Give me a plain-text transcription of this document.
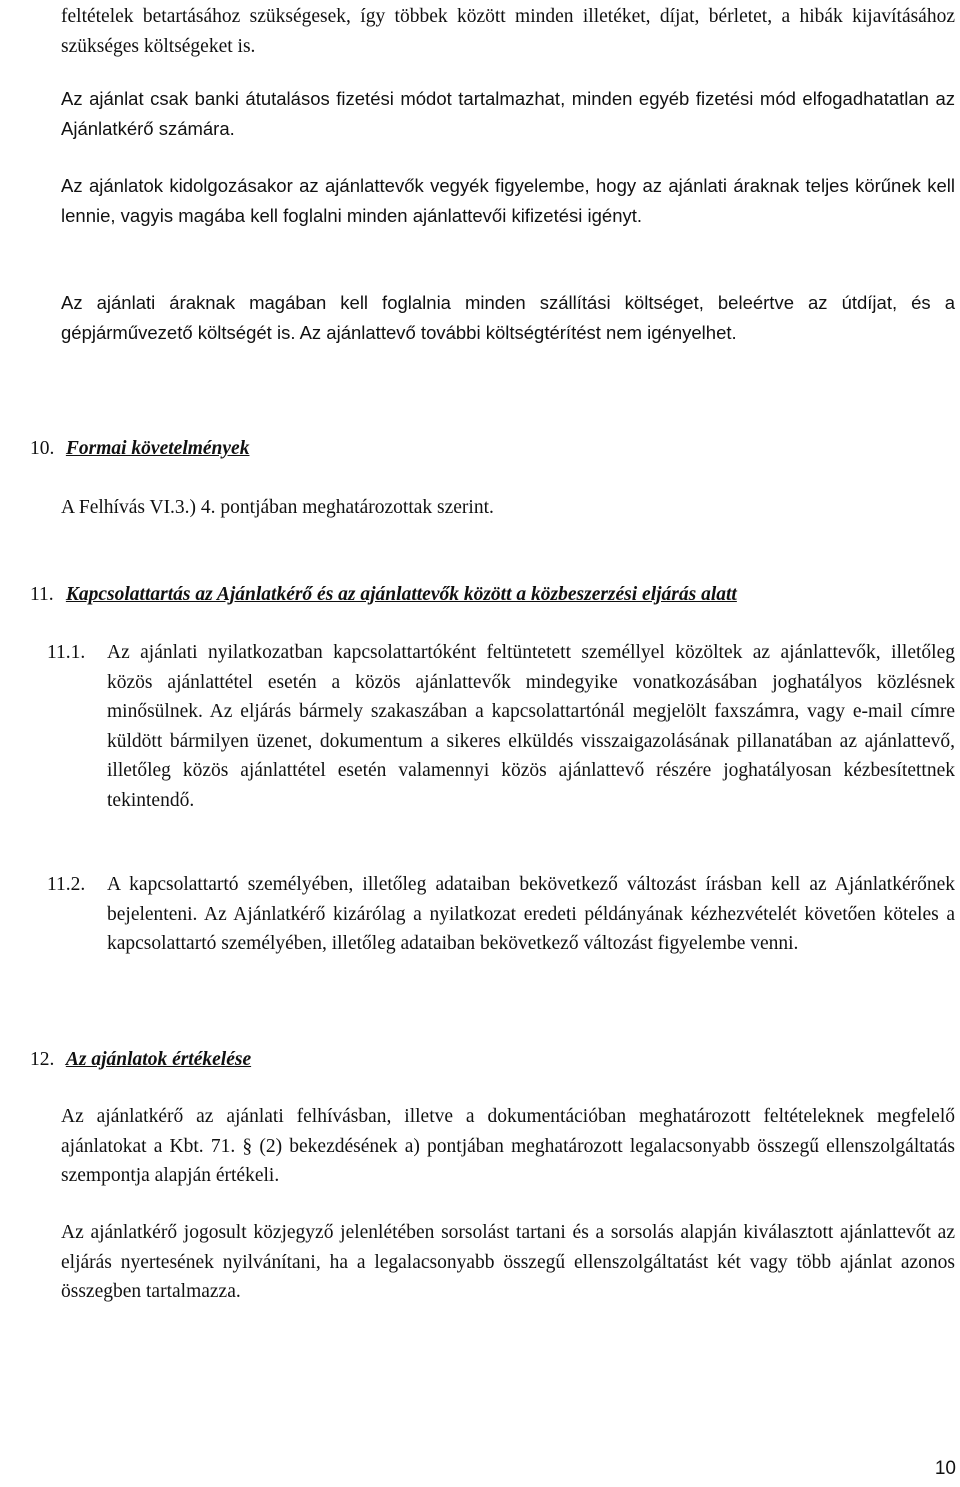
feltételek betartásához szükségesek, így többek között minden illetéket, díjat, bérletet, a hibák kijavításához szükséges költségeket is.

Az ajánlat csak banki átutalásos fizetési módot tartalmazhat, minden egyéb fizetési mód elfogadhatatlan az Ajánlatkérő számára.

Az ajánlatok kidolgozásakor az ajánlattevők vegyék figyelembe, hogy az ajánlati áraknak teljes körűnek kell lennie, vagyis magába kell foglalni minden ajánlattevői kifizetési igényt.

Az ajánlati áraknak magában kell foglalnia minden szállítási költséget, beleértve az útdíjat, és a gépjárművezető költségét is. Az ajánlattevő további költségtérítést nem igényelhet.

10. Formai követelmények

A Felhívás VI.3.) 4. pontjában meghatározottak szerint.

11. Kapcsolattartás az Ajánlatkérő és az ajánlattevők között a közbeszerzési eljárás alatt
11.1. Az ajánlati nyilatkozatban kapcsolattartóként feltüntetett személlyel közöltek az ajánlattevők, illetőleg közös ajánlattétel esetén a közös ajánlattevők mindegyike vonatkozásában joghatályos közlésnek minősülnek. Az eljárás bármely szakaszában a kapcsolattartónál megjelölt faxszámra, vagy e-mail címre küldött bármilyen üzenet, dokumentum a sikeres elküldés visszaigazolásának pillanatában az ajánlattevő, illetőleg közös ajánlattétel esetén valamennyi közös ajánlattevő részére joghatályosan kézbesítettnek tekintendő.
11.2. A kapcsolattartó személyében, illetőleg adataiban bekövetkező változást írásban kell az Ajánlatkérőnek bejelenteni. Az Ajánlatkérő kizárólag a nyilatkozat eredeti példányának kézhezvételét követően köteles a kapcsolattartó személyében, illetőleg adataiban bekövetkező változást figyelembe venni.
12. Az ajánlatok értékelése

Az ajánlatkérő az ajánlati felhívásban, illetve a dokumentációban meghatározott feltételeknek megfelelő ajánlatokat a Kbt. 71. § (2) bekezdésének a) pontjában meghatározott legalacsonyabb összegű ellenszolgáltatás szempontja alapján értékeli.

Az ajánlatkérő jogosult közjegyző jelenlétében sorsolást tartani és a sorsolás alapján kiválasztott ajánlattevőt az eljárás nyertesének nyilvánítani, ha a legalacsonyabb összegű ellenszolgáltatást két vagy több ajánlat azonos összegben tartalmazza.

10
